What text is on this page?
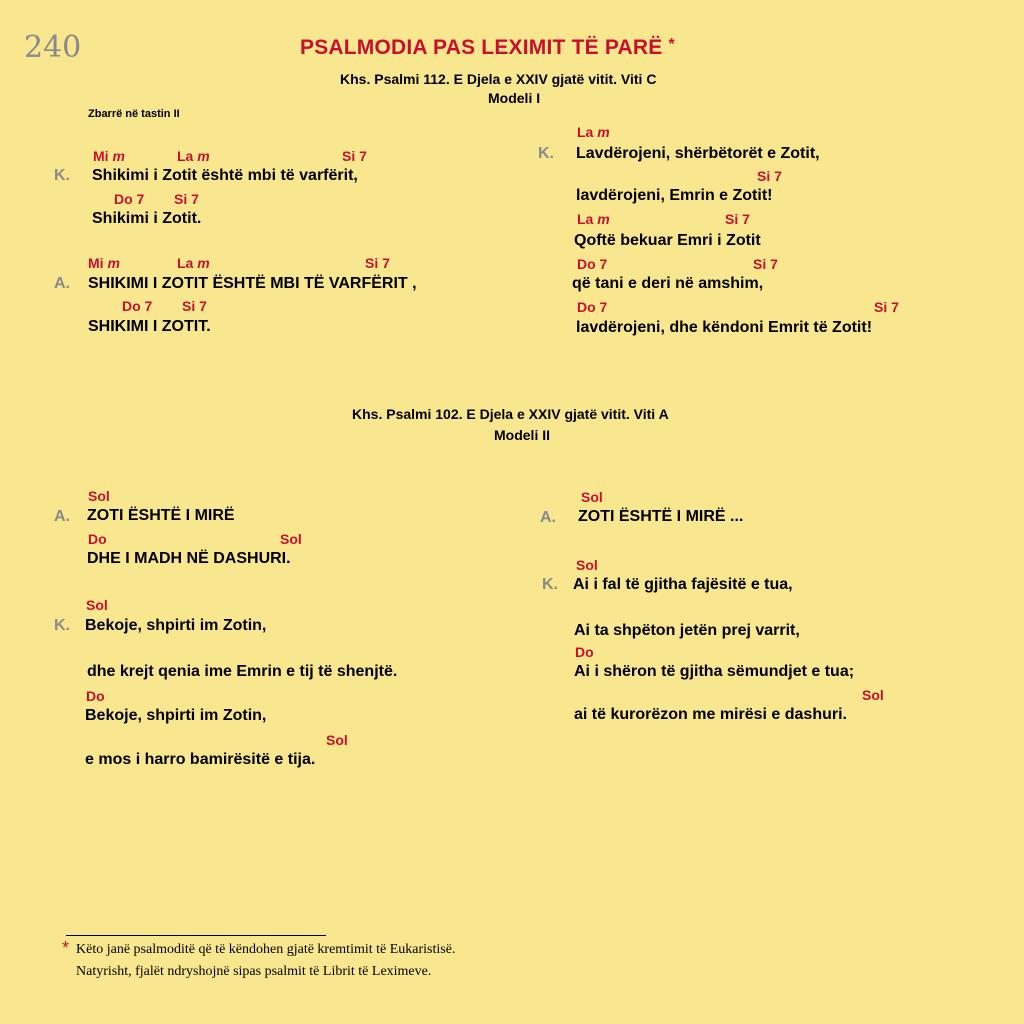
240	PSALMODIA PAS LEXIMIT TË PARË *
Khs. Psalmi 112. E Djela e XXIV gjatë vitit. Viti C
Modeli I
Zbarrë në tastin II
Mi m	La m	Si 7
K. Shikimi i Zotit është mbi të varfërit,
Do 7 Si 7
Shikimi i Zotit.
Mi m	La m	Si 7
A. SHIKIMI I ZOTIT ËSHTË MBI TË VARFËRIT ,
Do 7 Si 7
SHIKIMI I ZOTIT.
La m
K. Lavdërojeni, shërbëtorët e Zotit,
Si 7
lavdërojeni, Emrin e Zotit!
La m	Si 7
Qoftë bekuar Emri i Zotit
Do 7	Si 7
që tani e deri në amshim,
Do 7	Si 7
lavdërojeni, dhe këndoni Emrit të Zotit!
Khs. Psalmi 102. E Djela e XXIV gjatë vitit. Viti A
Modeli II
Sol
A. ZOTI ËSHTË I MIRË
Do	Sol
DHE I MADH NË DASHURI.
Sol
K. Bekoje, shpirti im Zotin,
dhe krejt qenia ime Emrin e tij të shenjtë.
Do
Bekoje, shpirti im Zotin,
Sol
e mos i harro bamirësitë e tija.
Sol
A. ZOTI ËSHTË I MIRË ...
Sol
K. Ai i fal të gjitha fajësitë e tua,
Ai ta shpëton jetën prej varrit,
Do
Ai i shëron të gjitha sëmundjet e tua;
Sol
ai të kurorëzon me mirësi e dashuri.
* Këto janë psalmoditë që të këndohen gjatë kremtimit të Eukaristisë.
Natyrisht, fjalët ndryshojnë sipas psalmit të Librit të Leximeve.
